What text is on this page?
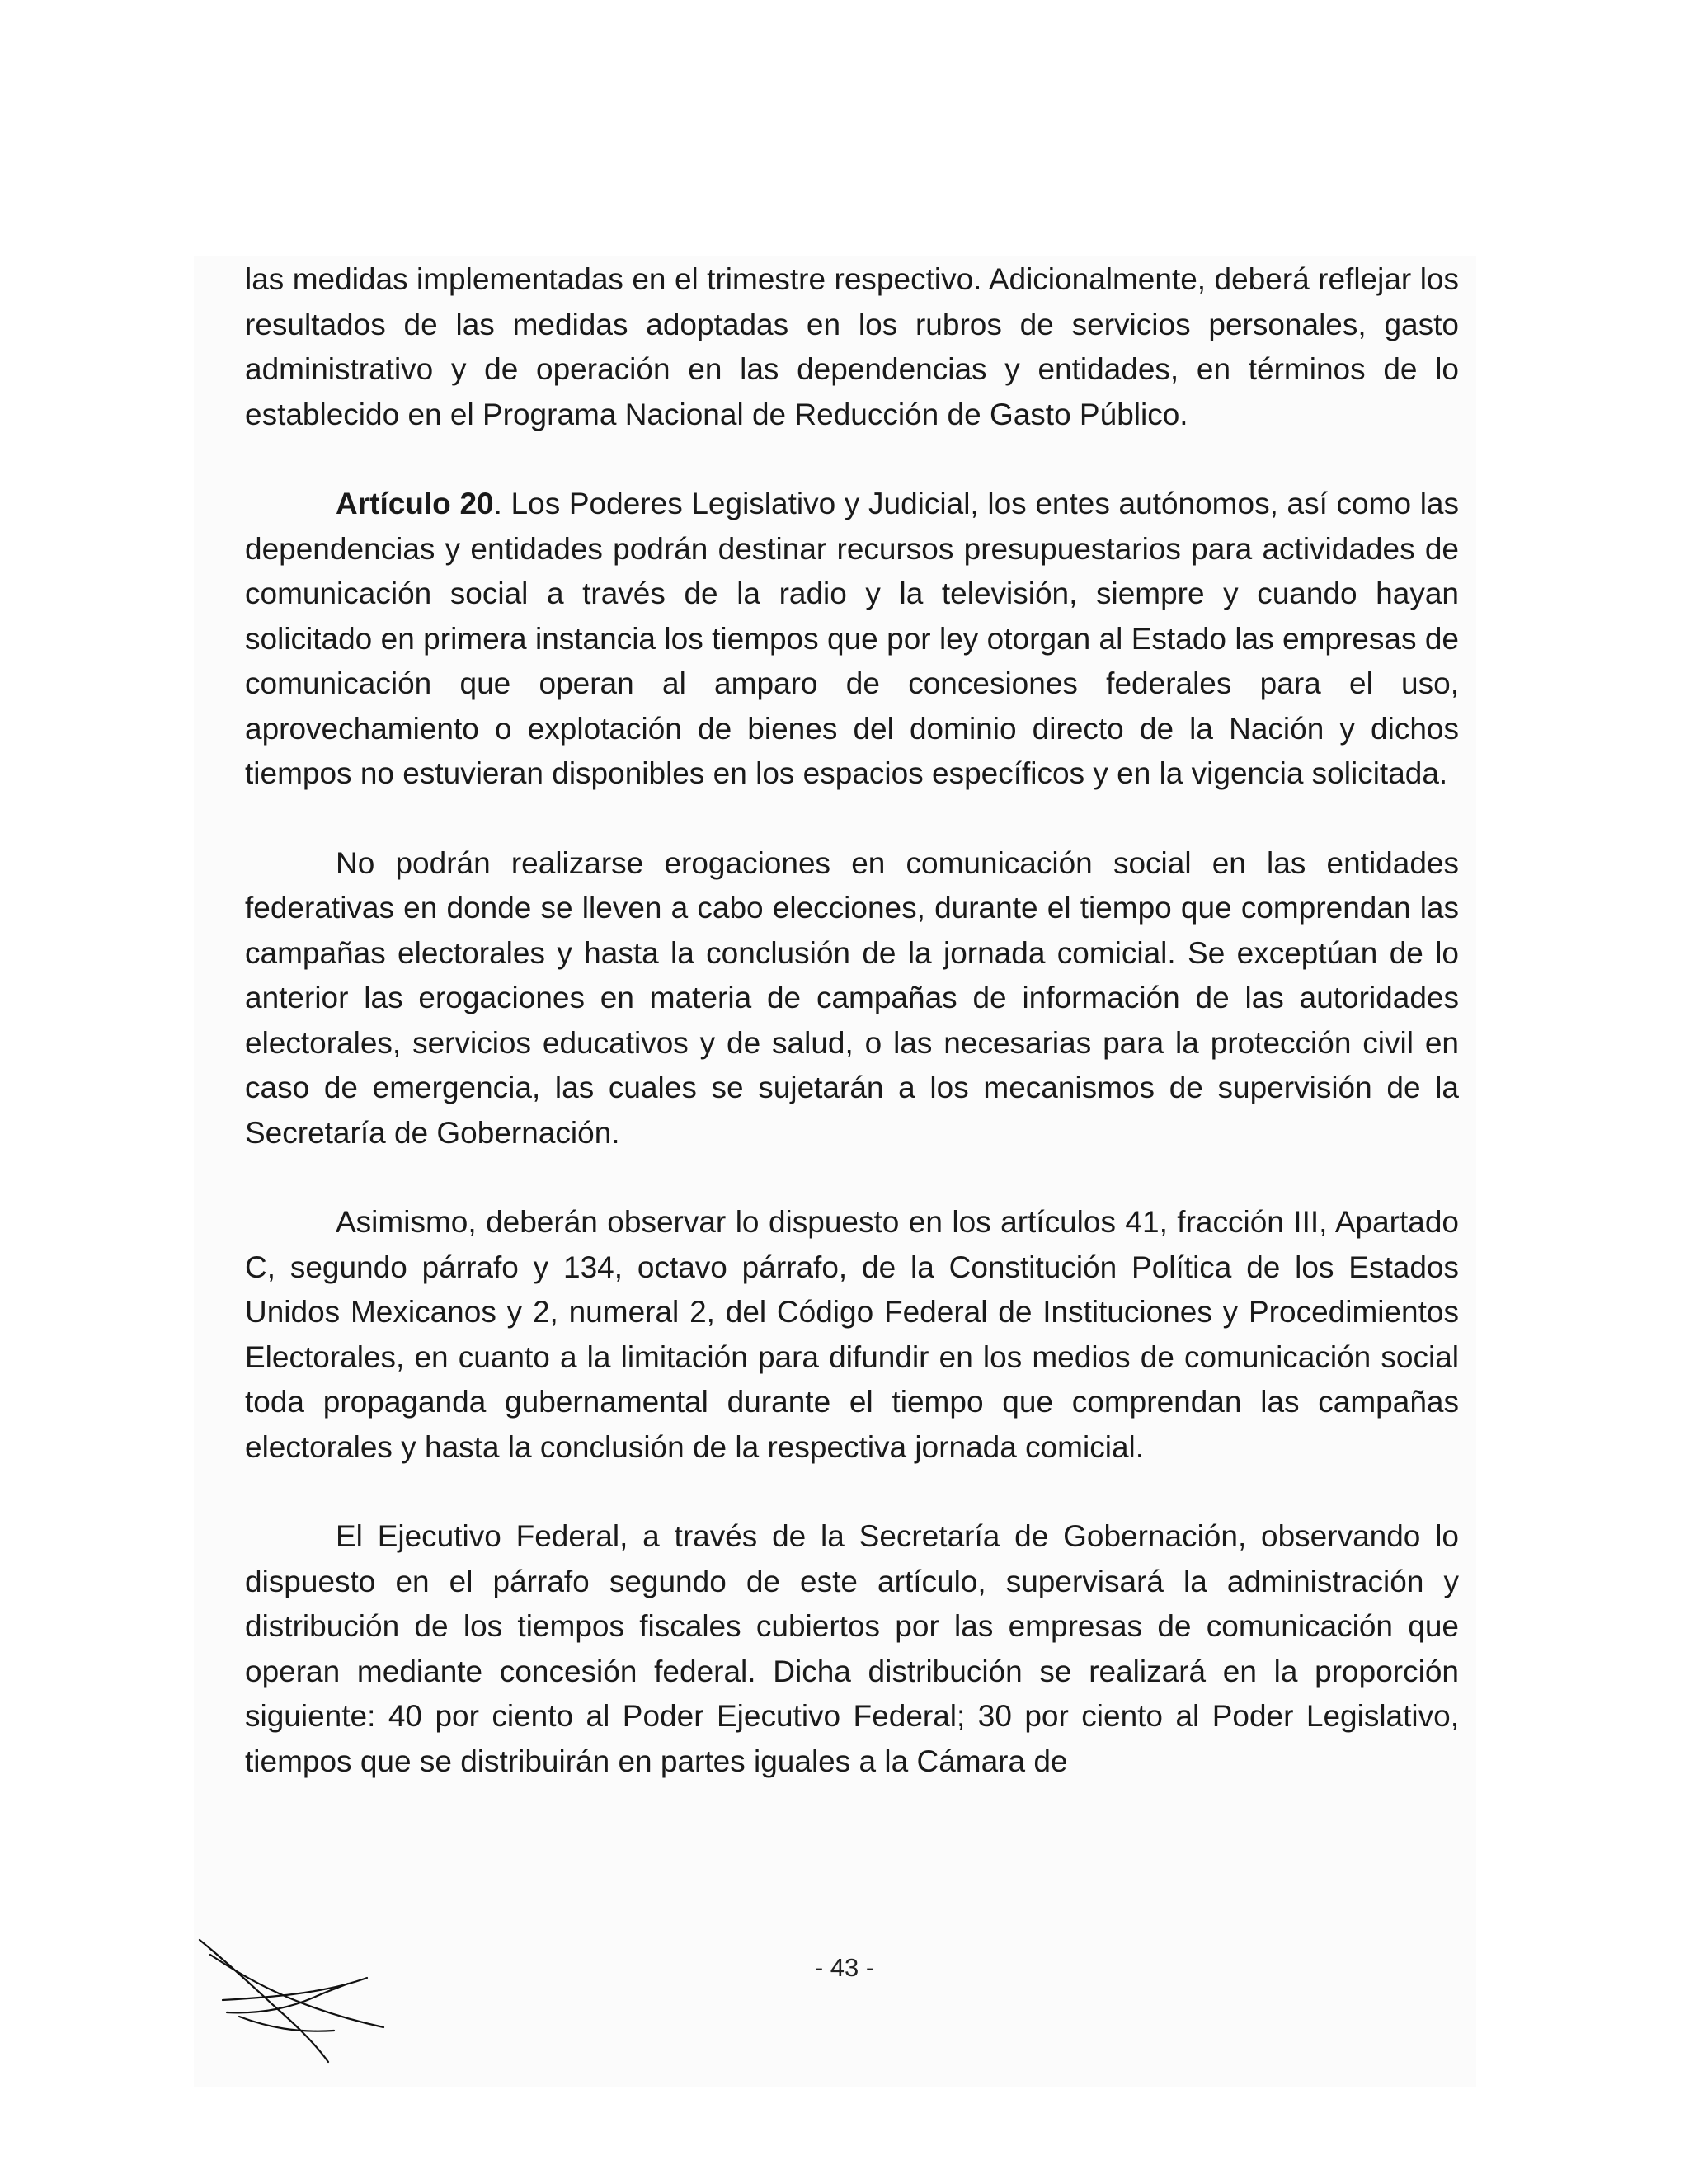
las medidas implementadas en el trimestre respectivo. Adicionalmente, deberá reflejar los resultados de las medidas adoptadas en los rubros de servicios personales, gasto administrativo y de operación en las dependencias y entidades, en términos de lo establecido en el Programa Nacional de Reducción de Gasto Público.

Artículo 20. Los Poderes Legislativo y Judicial, los entes autónomos, así como las dependencias y entidades podrán destinar recursos presupuestarios para actividades de comunicación social a través de la radio y la televisión, siempre y cuando hayan solicitado en primera instancia los tiempos que por ley otorgan al Estado las empresas de comunicación que operan al amparo de concesiones federales para el uso, aprovechamiento o explotación de bienes del dominio directo de la Nación y dichos tiempos no estuvieran disponibles en los espacios específicos y en la vigencia solicitada.

No podrán realizarse erogaciones en comunicación social en las entidades federativas en donde se lleven a cabo elecciones, durante el tiempo que comprendan las campañas electorales y hasta la conclusión de la jornada comicial. Se exceptúan de lo anterior las erogaciones en materia de campañas de información de las autoridades electorales, servicios educativos y de salud, o las necesarias para la protección civil en caso de emergencia, las cuales se sujetarán a los mecanismos de supervisión de la Secretaría de Gobernación.

Asimismo, deberán observar lo dispuesto en los artículos 41, fracción III, Apartado C, segundo párrafo y 134, octavo párrafo, de la Constitución Política de los Estados Unidos Mexicanos y 2, numeral 2, del Código Federal de Instituciones y Procedimientos Electorales, en cuanto a la limitación para difundir en los medios de comunicación social toda propaganda gubernamental durante el tiempo que comprendan las campañas electorales y hasta la conclusión de la respectiva jornada comicial.

El Ejecutivo Federal, a través de la Secretaría de Gobernación, observando lo dispuesto en el párrafo segundo de este artículo, supervisará la administración y distribución de los tiempos fiscales cubiertos por las empresas de comunicación que operan mediante concesión federal. Dicha distribución se realizará en la proporción siguiente: 40 por ciento al Poder Ejecutivo Federal; 30 por ciento al Poder Legislativo, tiempos que se distribuirán en partes iguales a la Cámara de

- 43 -
